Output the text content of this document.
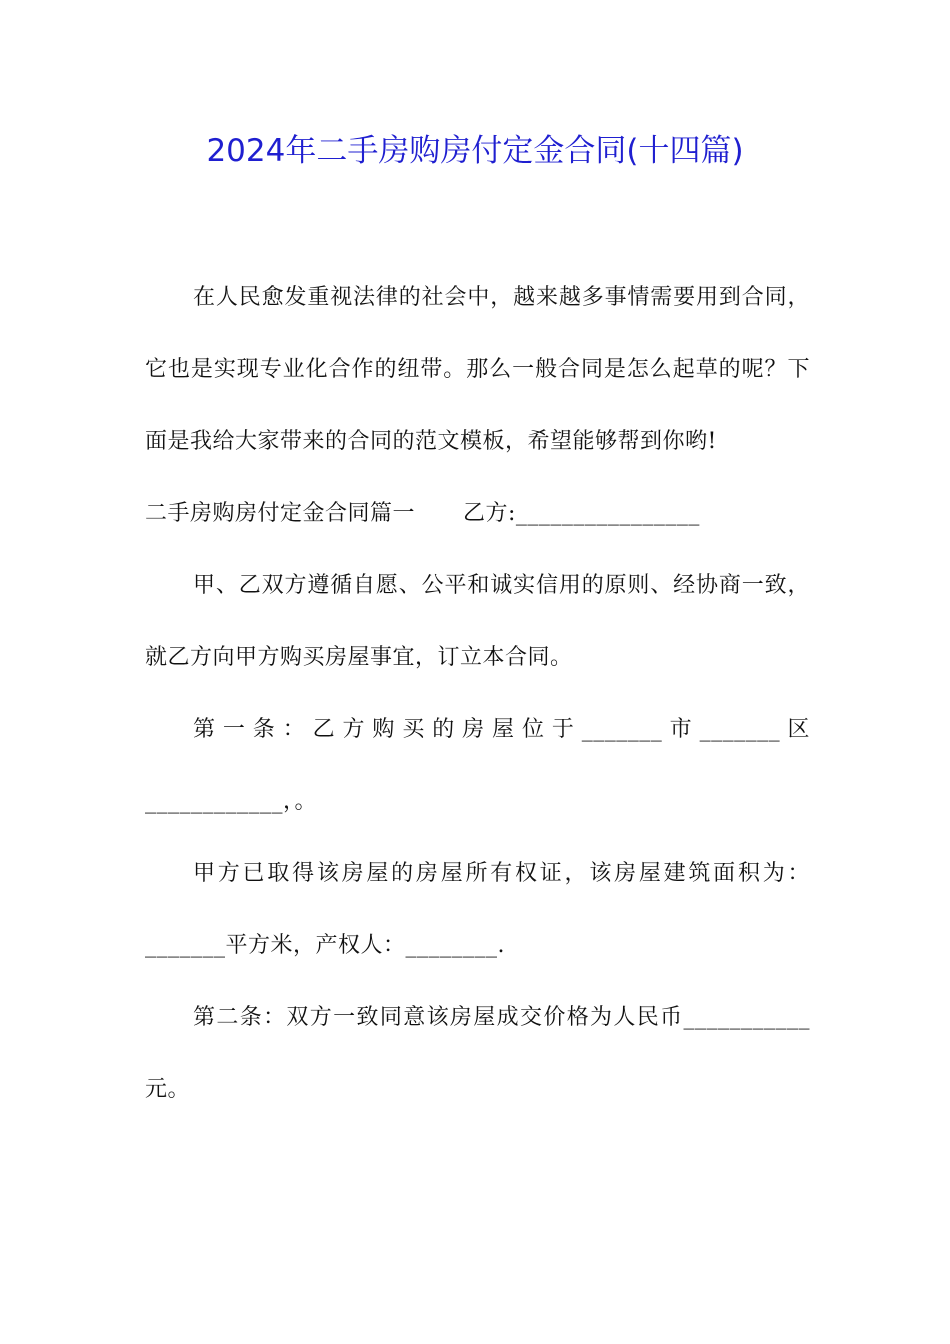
2024年二手房购房付定金合同(十四篇)

在人民愈发重视法律的社会中，越来越多事情需要用到合同，它也是实现专业化合作的纽带。那么一般合同是怎么起草的呢？下面是我给大家带来的合同的范文模板，希望能够帮到你哟!

二手房购房付定金合同篇一 乙方:________________

甲、乙双方遵循自愿、公平和诚实信用的原则、经协商一致，就乙方向甲方购买房屋事宜，订立本合同。

第一条：乙方购买的房屋位于_______市_______区____________，。

甲方已取得该房屋的房屋所有权证，该房屋建筑面积为：_______平方米，产权人：________.

第二条：双方一致同意该房屋成交价格为人民币___________元。
